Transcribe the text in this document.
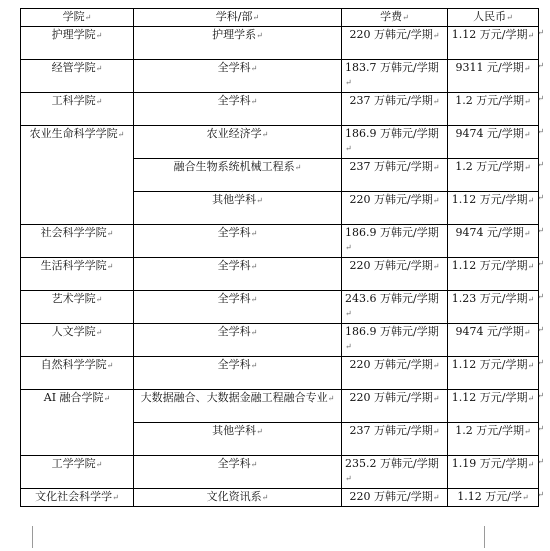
学院↵	学科/部↵	学费↵	人民币↵
护理学院↵	护理学系↵	220 万韩元/学期↵	1.12 万元/学期↵
经管学院↵	全学科↵	183.7 万韩元/学期↵	9311 元/学期↵
工科学院↵	全学科↵	237 万韩元/学期↵	1.2 万元/学期↵
农业生命科学学院↵	农业经济学↵	186.9 万韩元/学期↵	9474 元/学期↵
	融合生物系统机械工程系↵	237 万韩元/学期↵	1.2 万元/学期↵
	其他学科↵	220 万韩元/学期↵	1.12 万元/学期↵
社会科学学院↵	全学科↵	186.9 万韩元/学期↵	9474 元/学期↵
生活科学学院↵	全学科↵	220 万韩元/学期↵	1.12 万元/学期↵
艺术学院↵	全学科↵	243.6 万韩元/学期↵	1.23 万元/学期↵
人文学院↵	全学科↵	186.9 万韩元/学期↵	9474 元/学期↵
自然科学学院↵	全学科↵	220 万韩元/学期↵	1.12 万元/学期↵
AI 融合学院↵	大数据融合、大数据金融工程融合专业↵	220 万韩元/学期↵	1.12 万元/学期↵
	其他学科↵	237 万韩元/学期↵	1.2 万元/学期↵
工学学院↵	全学科↵	235.2 万韩元/学期↵	1.19 万元/学期↵
文化社会科学学↵	文化资讯系↵	220 万韩元/学期↵	1.12 万元/学↵
↵
↵
↵
↵
↵
↵
↵
↵
↵
↵
↵
↵
↵
↵
↵
